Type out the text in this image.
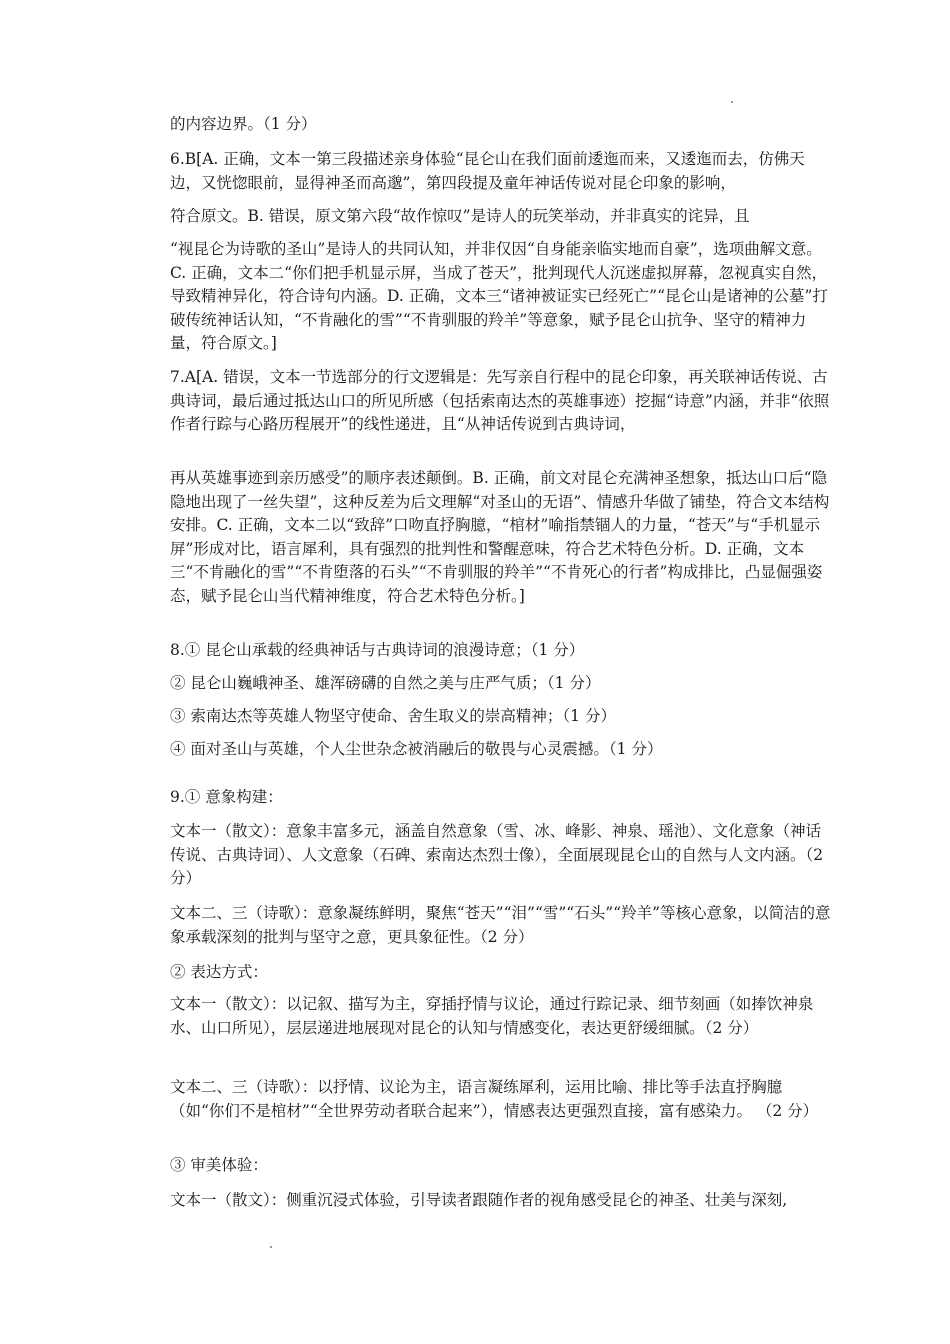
的内容边界。（1 分）

6.B[A. 正确，文本一第三段描述亲身体验“昆仑山在我们面前逶迤而来，又逶迤而去，仿佛天边，又恍惚眼前，显得神圣而高邈”，第四段提及童年神话传说对昆仑印象的影响，

符合原文。B. 错误，原文第六段“故作惊叹”是诗人的玩笑举动，并非真实的诧异，且

“视昆仑为诗歌的圣山”是诗人的共同认知，并非仅因“自身能亲临实地而自豪”，选项曲解文意。C. 正确，文本二“你们把手机显示屏，当成了苍天”，批判现代人沉迷虚拟屏幕，忽视真实自然，导致精神异化，符合诗句内涵。D. 正确，文本三“诸神被证实已经死亡”“昆仑山是诸神的公墓”打破传统神话认知，“不肯融化的雪”“不肯驯服的羚羊”等意象，赋予昆仑山抗争、坚守的精神力量，符合原文。]

7.A[A. 错误，文本一节选部分的行文逻辑是：先写亲自行程中的昆仑印象，再关联神话传说、古典诗词，最后通过抵达山口的所见所感（包括索南达杰的英雄事迹）挖掘“诗意”内涵，并非“依照作者行踪与心路历程展开”的线性递进，且“从神话传说到古典诗词，

再从英雄事迹到亲历感受”的顺序表述颠倒。B. 正确，前文对昆仑充满神圣想象，抵达山口后“隐隐地出现了一丝失望”，这种反差为后文理解“对圣山的无语”、情感升华做了铺垫，符合文本结构安排。C. 正确，文本二以“致辞”口吻直抒胸臆，“棺材”喻指禁锢人的力量，“苍天”与“手机显示屏”形成对比，语言犀利，具有强烈的批判性和警醒意味，符合艺术特色分析。D. 正确，文本三“不肯融化的雪”“不肯堕落的石头”“不肯驯服的羚羊”“不肯死心的行者”构成排比，凸显倔强姿态，赋予昆仑山当代精神维度，符合艺术特色分析。]

8.① 昆仑山承载的经典神话与古典诗词的浪漫诗意；（1 分）

② 昆仑山巍峨神圣、雄浑磅礴的自然之美与庄严气质；（1 分）

③ 索南达杰等英雄人物坚守使命、舍生取义的崇高精神；（1 分）

④ 面对圣山与英雄，个人尘世杂念被消融后的敬畏与心灵震撼。（1 分）

9.① 意象构建：

文本一（散文）：意象丰富多元，涵盖自然意象（雪、冰、峰影、神泉、瑶池）、文化意象（神话传说、古典诗词）、人文意象（石碑、索南达杰烈士像），全面展现昆仑山的自然与人文内涵。（2 分）

文本二、三（诗歌）：意象凝练鲜明，聚焦“苍天”“泪”“雪”“石头”“羚羊”等核心意象，以简洁的意象承载深刻的批判与坚守之意，更具象征性。（2 分）

② 表达方式：

文本一（散文）：以记叙、描写为主，穿插抒情与议论，通过行踪记录、细节刻画（如捧饮神泉水、山口所见），层层递进地展现对昆仑的认知与情感变化，表达更舒缓细腻。（2 分）

文本二、三（诗歌）：以抒情、议论为主，语言凝练犀利，运用比喻、排比等手法直抒胸臆（如“你们不是棺材”“全世界劳动者联合起来”），情感表达更强烈直接，富有感染力。 （2 分）

③ 审美体验：

文本一（散文）：侧重沉浸式体验，引导读者跟随作者的视角感受昆仑的神圣、壮美与深刻,
